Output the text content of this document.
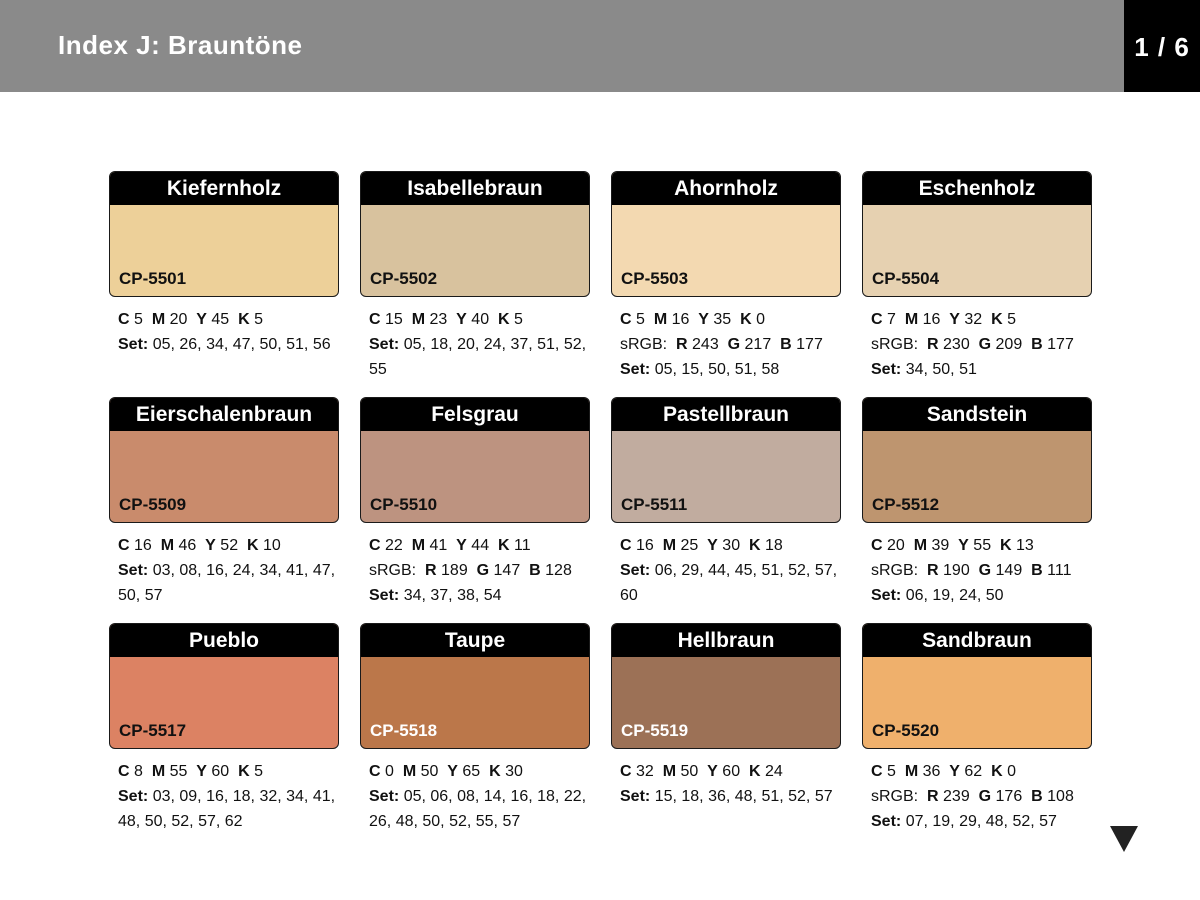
Index J: Brauntöne	1 / 6
Kiefernholz
CP-5501
C 5 M 20 Y 45 K 5
Set: 05, 26, 34, 47, 50, 51, 56
Isabellebraun
CP-5502
C 15 M 23 Y 40 K 5
Set: 05, 18, 20, 24, 37, 51, 52, 55
Ahornholz
CP-5503
C 5 M 16 Y 35 K 0
sRGB: R 243 G 217 B 177
Set: 05, 15, 50, 51, 58
Eschenholz
CP-5504
C 7 M 16 Y 32 K 5
sRGB: R 230 G 209 B 177
Set: 34, 50, 51
Eierschalenbraun
CP-5509
C 16 M 46 Y 52 K 10
Set: 03, 08, 16, 24, 34, 41, 47, 50, 57
Felsgrau
CP-5510
C 22 M 41 Y 44 K 11
sRGB: R 189 G 147 B 128
Set: 34, 37, 38, 54
Pastellbraun
CP-5511
C 16 M 25 Y 30 K 18
Set: 06, 29, 44, 45, 51, 52, 57, 60
Sandstein
CP-5512
C 20 M 39 Y 55 K 13
sRGB: R 190 G 149 B 111
Set: 06, 19, 24, 50
Pueblo
CP-5517
C 8 M 55 Y 60 K 5
Set: 03, 09, 16, 18, 32, 34, 41, 48, 50, 52, 57, 62
Taupe
CP-5518
C 0 M 50 Y 65 K 30
Set: 05, 06, 08, 14, 16, 18, 22, 26, 48, 50, 52, 55, 57
Hellbraun
CP-5519
C 32 M 50 Y 60 K 24
Set: 15, 18, 36, 48, 51, 52, 57
Sandbraun
CP-5520
C 5 M 36 Y 62 K 0
sRGB: R 239 G 176 B 108
Set: 07, 19, 29, 48, 52, 57
